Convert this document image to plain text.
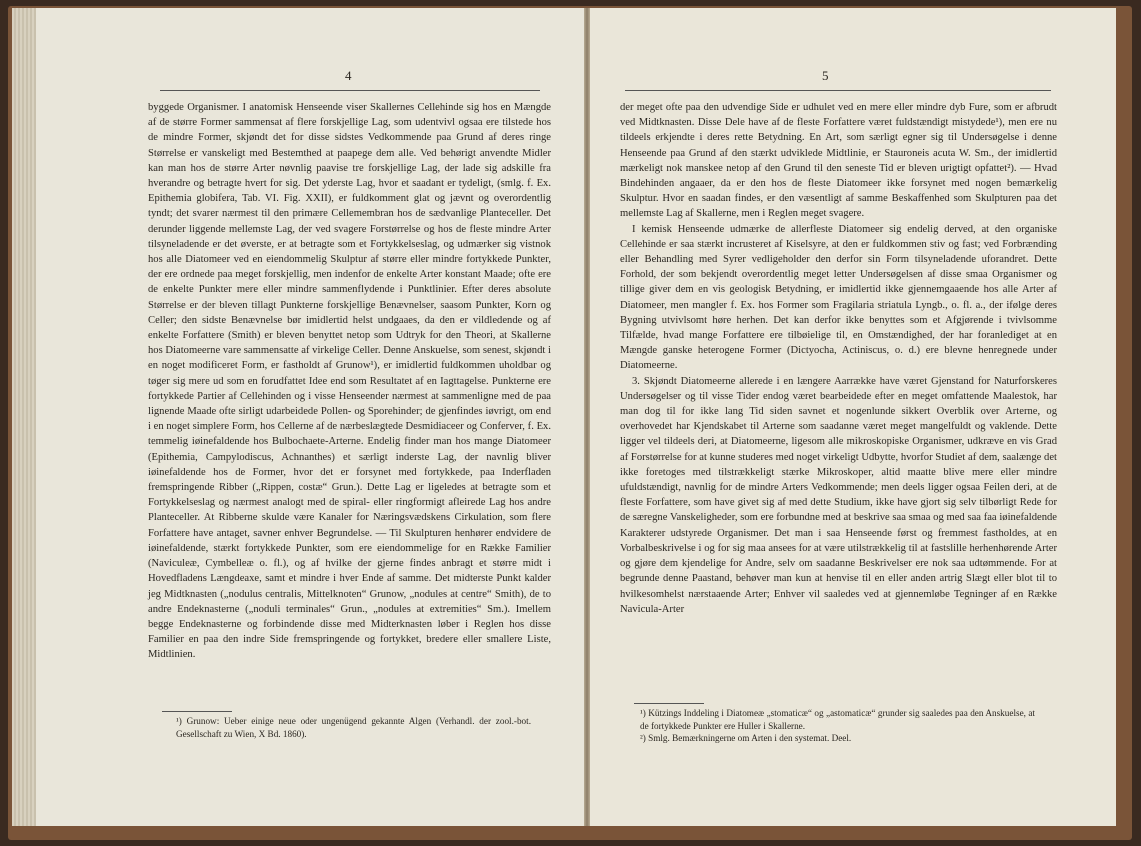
4

byggede Organismer. I anatomisk Henseende viser Skallernes Cellehinde sig hos en Mængde af de større Former sammensat af flere forskjellige Lag, som udentvivl ogsaa ere tilstede hos de mindre Former, skjøndt det for disse sidstes Vedkommende paa Grund af deres ringe Størrelse er vanskeligt med Bestemthed at paapege dem alle. Ved behørigt anvendte Midler kan man hos de større Arter nøvnlig paavise tre forskjellige Lag, der lade sig adskille fra hverandre og betragte hvert for sig. Det yderste Lag, hvor et saadant er tydeligt, (smlg. f. Ex. Epithemia globifera, Tab. VI. Fig. XXII), er fuldkomment glat og jævnt og overordentlig tyndt; det svarer nærmest til den primære Cellemembran hos de sædvanlige Planteceller. Det derunder liggende mellemste Lag, der ved svagere Forstørrelse og hos de fleste mindre Arter tilsyneladende er det øverste, er at betragte som et Fortykkelseslag, og udmærker sig vistnok hos alle Diatomeer ved en eiendommelig Skulptur af større eller mindre fortykkede Punkter, der ere ordnede paa meget forskjellig, men indenfor de enkelte Arter konstant Maade; ofte ere de enkelte Punkter mere eller mindre sammenflydende i Punktlinier. Efter deres absolute Størrelse er der bleven tillagt Punkterne forskjellige Benævnelser, saasom Punkter, Korn og Celler; den sidste Benævnelse bør imidlertid helst undgaaes, da den er vildledende og af enkelte Forfattere (Smith) er bleven benyttet netop som Udtryk for den Theori, at Skallerne hos Diatomeerne vare sammensatte af virkelige Celler. Denne Anskuelse, som senest, skjøndt i en noget modificeret Form, er fastholdt af Grunow¹), er imidlertid fuldkommen uholdbar og tøger sig mere ud som en forudfattet Idee end som Resultatet af en Iagttagelse. Punkterne ere fortykkede Partier af Cellehinden og i visse Henseender nærmest at sammenligne med de paa lignende Maade ofte sirligt udarbeidede Pollen- og Sporehinder; de gjenfindes iøvrigt, om end i en noget simplere Form, hos Cellerne af de nærbeslægtede Desmidiaceer og Conferver, f. Ex. temmelig iøinefaldende hos Bulbochaete-Arterne. Endelig finder man hos mange Diatomeer (Epithemia, Campylodiscus, Achnanthes) et særligt inderste Lag, der navnlig bliver iøinefaldende hos de Former, hvor det er forsynet med fortykkede, paa Inderfladen fremspringende Ribber („Rippen, costæ“ Grun.). Dette Lag er ligeledes at betragte som et Fortykkelseslag og nærmest analogt med de spiral- eller ringformigt afleirede Lag hos andre Planteceller. At Ribberne skulde være Kanaler for Næringsvædskens Cirkulation, som flere Forfattere have antaget, savner enhver Begrundelse. — Til Skulpturen henhører endvidere de iøinefaldende, stærkt fortykkede Punkter, som ere eiendommelige for en Række Familier (Naviculeæ, Cymbelleæ o. fl.), og af hvilke der gjerne findes anbragt et større midt i Hovedfladens Længdeaxe, samt et mindre i hver Ende af samme. Det midterste Punkt kalder jeg Midtknasten („nodulus centralis, Mittelknoten“ Grunow, „nodules at centre“ Smith), de to andre Endeknasterne („noduli terminales“ Grun., „nodules at extremities“ Sm.). Imellem begge Endeknasterne og forbindende disse med Midterknasten løber i Reglen hos disse Familier en paa den indre Side fremspringende og fortykket, bredere eller smallere Liste, Midtlinien.

¹) Grunow: Ueber einige neue oder ungenügend gekannte Algen (Verhandl. der zool.-bot. Gesellschaft zu Wien, X Bd. 1860).
5

der meget ofte paa den udvendige Side er udhulet ved en mere eller mindre dyb Fure, som er afbrudt ved Midtknasten. Disse Dele have af de fleste Forfattere været fuldstændigt mistydede¹), men ere nu tildeels erkjendte i deres rette Betydning. En Art, som særligt egner sig til Undersøgelse i denne Henseende paa Grund af den stærkt udviklede Midtlinie, er Stauroneis acuta W. Sm., der imidlertid mærkeligt nok manskee netop af den Grund til den seneste Tid er bleven urigtigt opfattet²). — Hvad Bindehinden angaaer, da er den hos de fleste Diatomeer ikke forsynet med nogen bemærkelig Skulptur. Hvor en saadan findes, er den væsentligt af samme Beskaffenhed som Skulpturen paa det mellemste Lag af Skallerne, men i Reglen meget svagere.

I kemisk Henseende udmærke de allerfleste Diatomeer sig endelig derved, at den organiske Cellehinde er saa stærkt incrusteret af Kiselsyre, at den er fuldkommen stiv og fast; ved Forbrænding eller Behandling med Syrer vedligeholder den derfor sin Form tilsyneladende uforandret. Dette Forhold, der som bekjendt overordentlig meget letter Undersøgelsen af disse smaa Organismer og tillige giver dem en vis geologisk Betydning, er imidlertid ikke gjennemgaaende hos alle Arter af Diatomeer, men mangler f. Ex. hos Former som Fragilaria striatula Lyngb., o. fl. a., der ifølge deres Bygning utvivlsomt høre herhen. Det kan derfor ikke benyttes som et Afgjørende i tvivlsomme Tilfælde, hvad mange Forfattere ere tilbøielige til, en Omstændighed, der har foranlediget at en Mængde ganske heterogene Former (Dictyocha, Actiniscus, o. d.) ere blevne henregnede under Diatomeerne.

3. Skjøndt Diatomeerne allerede i en længere Aarrække have været Gjenstand for Naturforskeres Undersøgelser og til visse Tider endog været bearbeidede efter en meget omfattende Maalestok, har man dog til for ikke lang Tid siden savnet et nogenlunde sikkert Overblik over Arterne, og overhovedet har Kjendskabet til Arterne som saadanne været meget mangelfuldt og vaklende. Dette ligger vel tildeels deri, at Diatomeerne, ligesom alle mikroskopiske Organismer, udkræve en vis Grad af Forstørrelse for at kunne studeres med noget virkeligt Udbytte, hvorfor Studiet af dem, saalænge det ikke foretoges med tilstrækkeligt stærke Mikroskoper, altid maatte blive mere eller mindre ufuldstændigt, navnlig for de mindre Arters Vedkommende; men deels ligger ogsaa Feilen deri, at de fleste Forfattere, som have givet sig af med dette Studium, ikke have gjort sig selv tilbørligt Rede for de særegne Vanskeligheder, som ere forbundne med at beskrive saa smaa og med saa faa iøinefaldende Karakterer udstyrede Organismer. Det man i saa Henseende først og fremmest fastholdes, at en Vorbalbeskrivelse i og for sig maa ansees for at være utilstrækkelig til at fastslille herhenhørende Arter og gjøre dem kjendelige for Andre, selv om saadanne Beskrivelser ere nok saa udtømmende. For at begrunde denne Paastand, behøver man kun at henvise til en eller anden artrig Slægt eller blot til to hvilkesomhelst nærstaaende Arter; Enhver vil saaledes ved at gjennemløbe Tegninger af en Række Navicula-Arter

¹) Kützings Inddeling i Diatomeæ „stomaticæ“ og „astomaticæ“ grunder sig saaledes paa den Anskuelse, at de fortykkede Punkter ere Huller i Skallerne.
²) Smlg. Bemærkningerne om Arten i den systemat. Deel.
